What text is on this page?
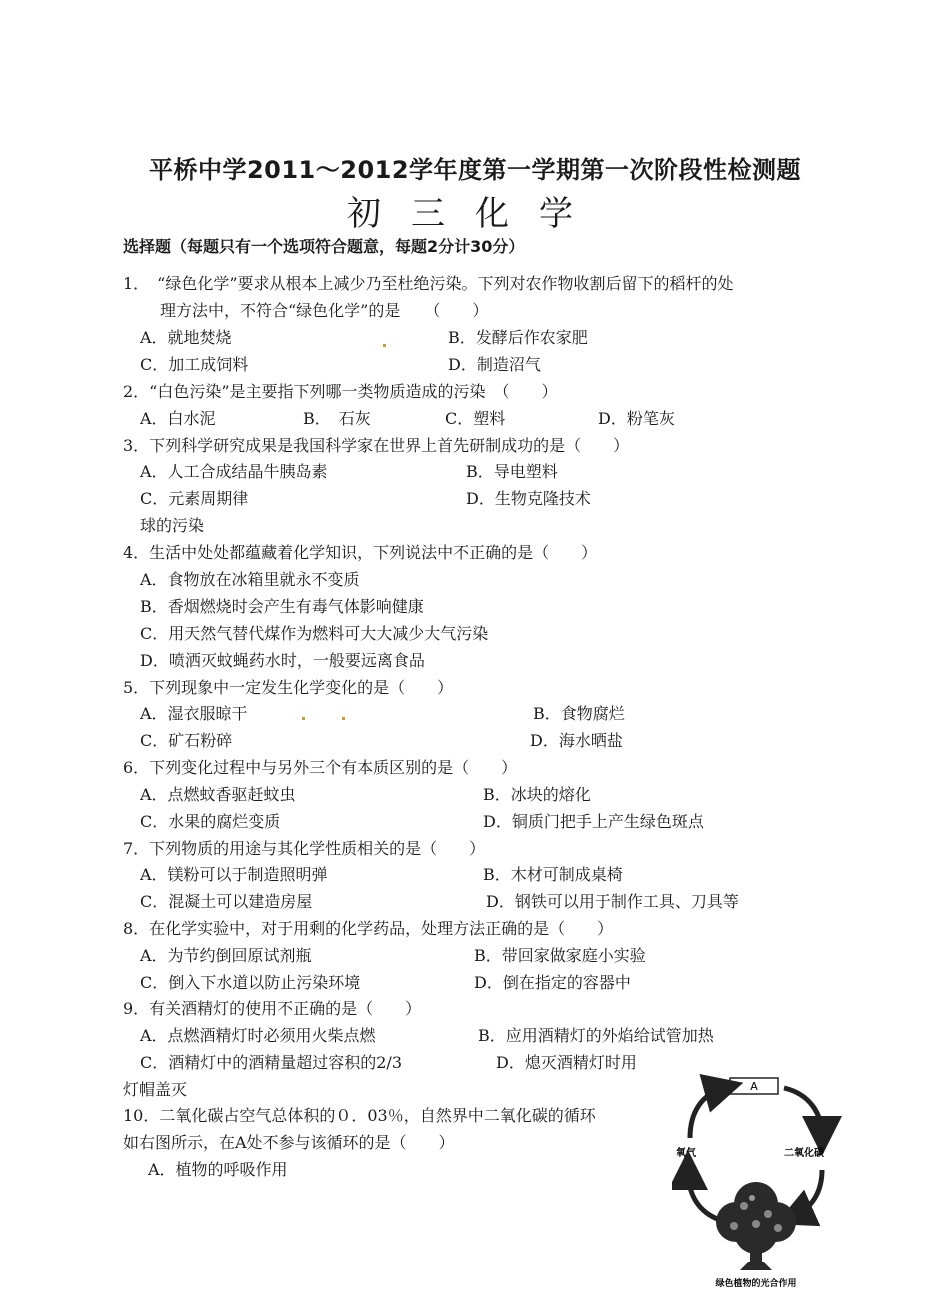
平桥中学2011～2012学年度第一学期第一次阶段性检测题
初三化学
选择题（每题只有一个选项符合题意，每题2分计30分）
1．　“绿色化学”要求从根本上减少乃至杜绝污染。下列对农作物收割后留下的稻杆的处
理方法中，不符合“绿色化学”的是　　（　　）
A．就地焚烧	B．发酵后作农家肥
C．加工成饲料	D．制造沼气
2．“白色污染”是主要指下列哪一类物质造成的污染　（　　）
A．白水泥	B．　石灰	C．塑料	D．粉笔灰
3．下列科学研究成果是我国科学家在世界上首先研制成功的是（　　）
A．人工合成结晶牛胰岛素	B．导电塑料
C．元素周期律	D．生物克隆技术
球的污染
4．生活中处处都蕴藏着化学知识，下列说法中不正确的是（　　）
A．食物放在冰箱里就永不变质
B．香烟燃烧时会产生有毒气体影响健康
C．用天然气替代煤作为燃料可大大减少大气污染
D．喷洒灭蚊蝇药水时，一般要远离食品
5．下列现象中一定发生化学变化的是（　　）
A．湿衣服晾干	B．食物腐烂
C．矿石粉碎	D．海水晒盐
6．下列变化过程中与另外三个有本质区别的是（　　）
A．点燃蚊香驱赶蚊虫	B．冰块的熔化
C．水果的腐烂变质	D．铜质门把手上产生绿色斑点
7．下列物质的用途与其化学性质相关的是（　　）
A．镁粉可以于制造照明弹	B．木材可制成桌椅
C．混凝土可以建造房屋	D．钢铁可以用于制作工具、刀具等
8．在化学实验中，对于用剩的化学药品，处理方法正确的是（　　）
A．为节约倒回原试剂瓶	B．带回家做家庭小实验
C．倒入下水道以防止污染环境	D．倒在指定的容器中
9．有关酒精灯的使用不正确的是（　　）
A．点燃酒精灯时必须用火柴点燃	B．应用酒精灯的外焰给试管加热
C．酒精灯中的酒精量超过容积的2/3	D．熄灭酒精灯时用
灯帽盖灭
10．二氧化碳占空气总体积的０．03％，自然界中二氧化碳的循环
如右图所示，在A处不参与该循环的是（　　）
A．植物的呼吸作用
A
氧气	二氧化碳
绿色植物的光合作用
